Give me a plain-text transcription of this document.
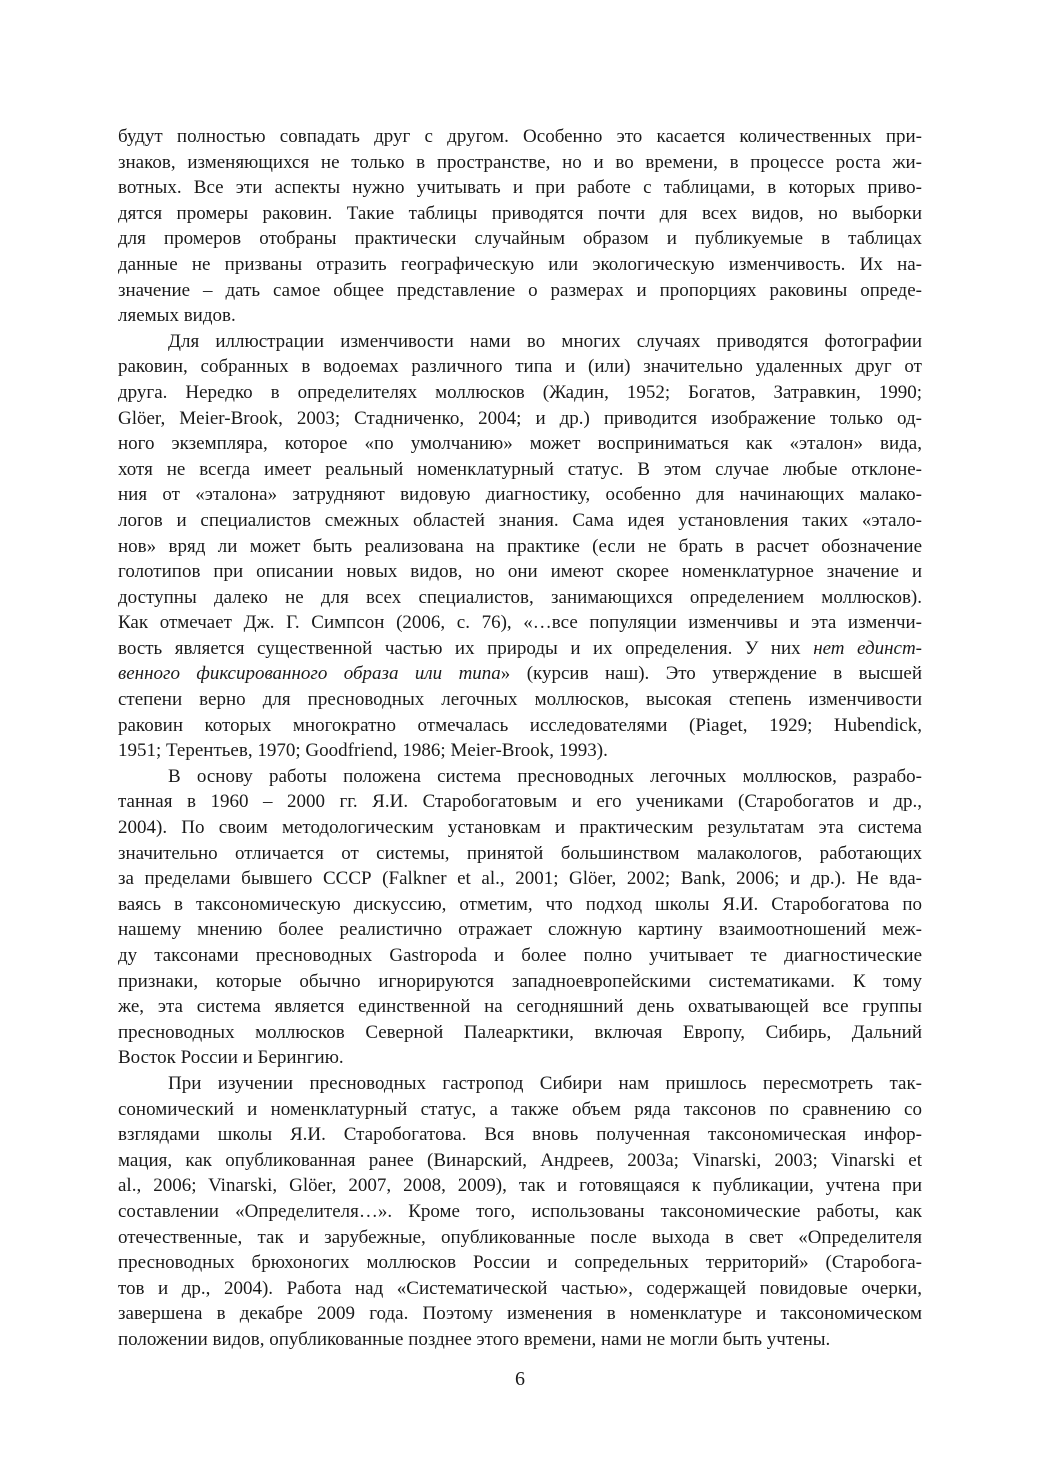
будут полностью совпадать друг с другом. Особенно это касается количественных при-
знаков, изменяющихся не только в пространстве, но и во времени, в процессе роста жи-
вотных. Все эти аспекты нужно учитывать и при работе с таблицами, в которых приво-
дятся промеры раковин. Такие таблицы приводятся почти для всех видов, но выборки
для промеров отобраны практически случайным образом и публикуемые в таблицах
данные не призваны отразить географическую или экологическую изменчивость. Их на-
значение – дать самое общее представление о размерах и пропорциях раковины опреде-
ляемых видов.
Для иллюстрации изменчивости нами во многих случаях приводятся фотографии
раковин, собранных в водоемах различного типа и (или) значительно удаленных друг от
друга. Нередко в определителях моллюсков (Жадин, 1952; Богатов, Затравкин, 1990;
Glöer, Meier-Brook, 2003; Стадниченко, 2004; и др.) приводится изображение только од-
ного экземпляра, которое «по умолчанию» может восприниматься как «эталон» вида,
хотя не всегда имеет реальный номенклатурный статус. В этом случае любые отклоне-
ния от «эталона» затрудняют видовую диагностику, особенно для начинающих малако-
логов и специалистов смежных областей знания. Сама идея установления таких «этало-
нов» вряд ли может быть реализована на практике (если не брать в расчет обозначение
голотипов при описании новых видов, но они имеют скорее номенклатурное значение и
доступны далеко не для всех специалистов, занимающихся определением моллюсков).
Как отмечает Дж. Г. Симпсон (2006, с. 76), «…все популяции изменчивы и эта изменчи-
вость является существенной частью их природы и их определения. У них нет единст-
венного фиксированного образа или типа» (курсив наш). Это утверждение в высшей
степени верно для пресноводных легочных моллюсков, высокая степень изменчивости
раковин которых многократно отмечалась исследователями (Piaget, 1929; Hubendick,
1951; Терентьев, 1970; Goodfriend, 1986; Meier-Brook, 1993).
В основу работы положена система пресноводных легочных моллюсков, разрабо-
танная в 1960 – 2000 гг. Я.И. Старобогатовым и его учениками (Старобогатов и др.,
2004). По своим методологическим установкам и практическим результатам эта система
значительно отличается от системы, принятой большинством малакологов, работающих
за пределами бывшего СССР (Falkner et al., 2001; Glöer, 2002; Bank, 2006; и др.). Не вда-
ваясь в таксономическую дискуссию, отметим, что подход школы Я.И. Старобогатова по
нашему мнению более реалистично отражает сложную картину взаимоотношений меж-
ду таксонами пресноводных Gastropoda и более полно учитывает те диагностические
признаки, которые обычно игнорируются западноевропейскими систематиками. К тому
же, эта система является единственной на сегодняшний день охватывающей все группы
пресноводных моллюсков Северной Палеарктики, включая Европу, Сибирь, Дальний
Восток России и Берингию.
При изучении пресноводных гастропод Сибири нам пришлось пересмотреть так-
сономический и номенклатурный статус, а также объем ряда таксонов по сравнению со
взглядами школы Я.И. Старобогатова. Вся вновь полученная таксономическая инфор-
мация, как опубликованная ранее (Винарский, Андреев, 2003а; Vinarski, 2003; Vinarski et
al., 2006; Vinarski, Glöer, 2007, 2008, 2009), так и готовящаяся к публикации, учтена при
составлении «Определителя…». Кроме того, использованы таксономические работы, как
отечественные, так и зарубежные, опубликованные после выхода в свет «Определителя
пресноводных брюхоногих моллюсков России и сопредельных территорий» (Старобога-
тов и др., 2004). Работа над «Систематической частью», содержащей повидовые очерки,
завершена в декабре 2009 года. Поэтому изменения в номенклатуре и таксономическом
положении видов, опубликованные позднее этого времени, нами не могли быть учтены.
6
